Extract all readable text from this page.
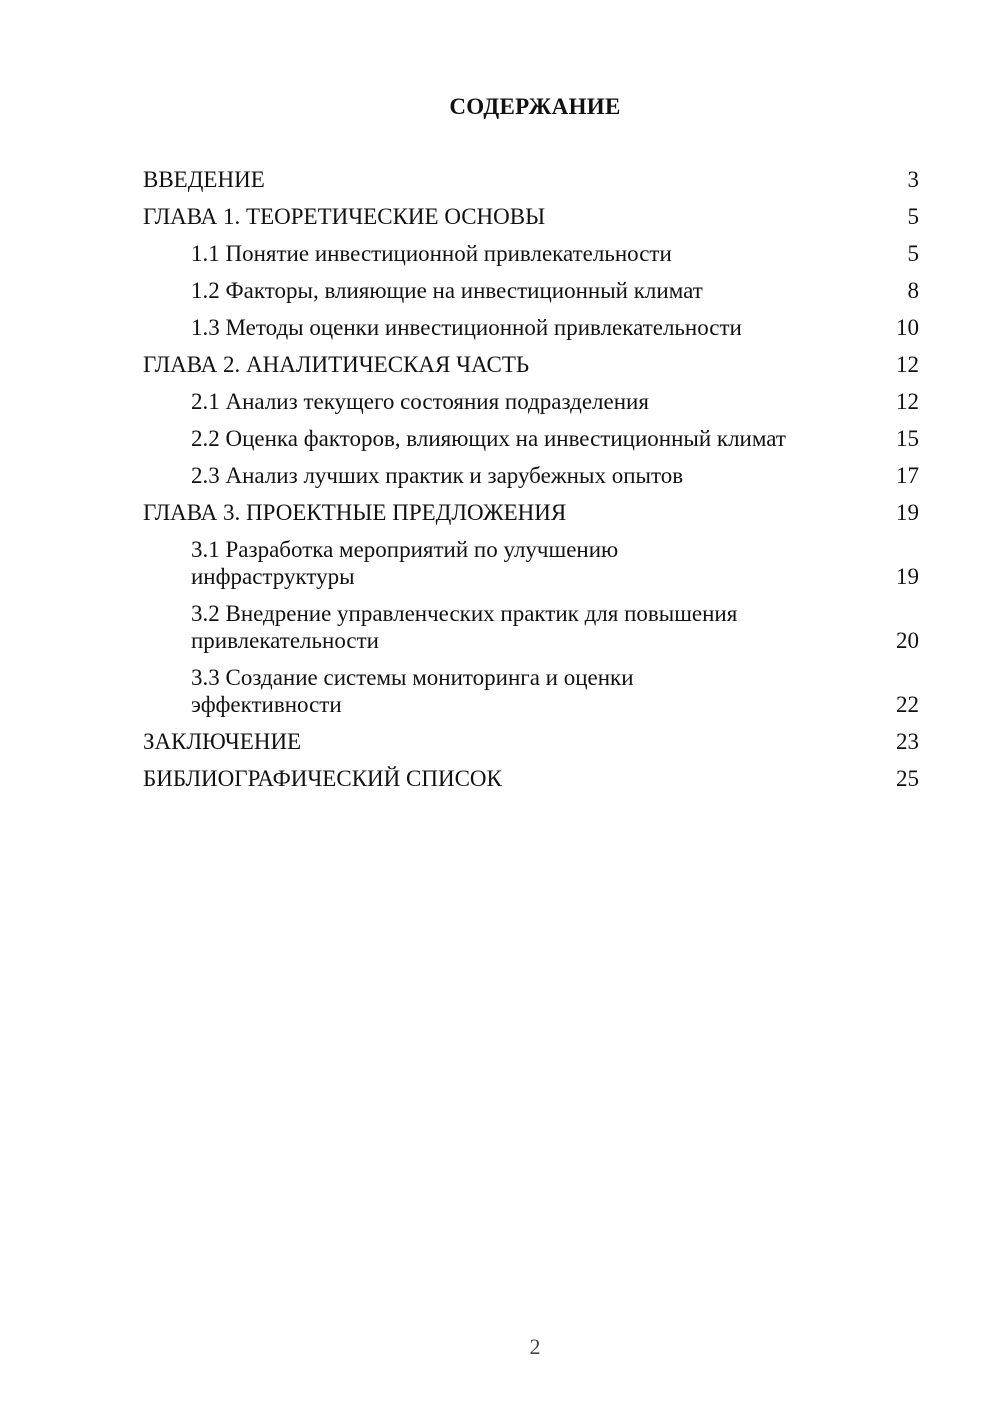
СОДЕРЖАНИЕ
ВВЕДЕНИЕ	3
ГЛАВА 1. ТЕОРЕТИЧЕСКИЕ ОСНОВЫ	5
1.1 Понятие инвестиционной привлекательности	5
1.2 Факторы, влияющие на инвестиционный климат	8
1.3 Методы оценки инвестиционной привлекательности	10
ГЛАВА 2. АНАЛИТИЧЕСКАЯ ЧАСТЬ	12
2.1 Анализ текущего состояния подразделения	12
2.2 Оценка факторов, влияющих на инвестиционный климат	15
2.3 Анализ лучших практик и зарубежных опытов	17
ГЛАВА 3. ПРОЕКТНЫЕ ПРЕДЛОЖЕНИЯ	19
3.1 Разработка мероприятий по улучшению инфраструктуры	19
3.2 Внедрение управленческих практик для повышения привлекательности	20
3.3 Создание системы мониторинга и оценки эффективности	22
ЗАКЛЮЧЕНИЕ	23
БИБЛИОГРАФИЧЕСКИЙ СПИСОК	25
2
